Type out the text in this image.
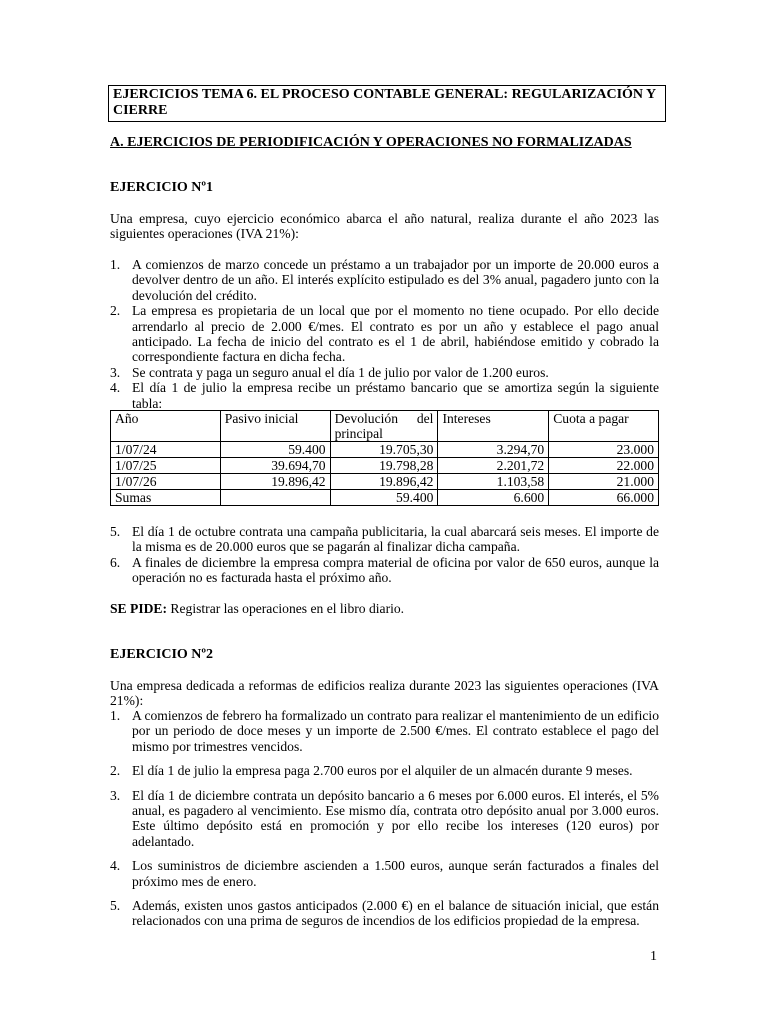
EJERCICIOS TEMA 6. EL PROCESO CONTABLE GENERAL: REGULARIZACIÓN Y CIERRE
A. EJERCICIOS DE PERIODIFICACIÓN Y OPERACIONES NO FORMALIZADAS
EJERCICIO Nº1
Una empresa, cuyo ejercicio económico abarca el año natural, realiza durante el año 2023 las siguientes operaciones (IVA 21%):
1. A comienzos de marzo concede un préstamo a un trabajador por un importe de 20.000 euros a devolver dentro de un año. El interés explícito estipulado es del 3% anual, pagadero junto con la devolución del crédito.
2. La empresa es propietaria de un local que por el momento no tiene ocupado. Por ello decide arrendarlo al precio de 2.000 €/mes. El contrato es por un año y establece el pago anual anticipado. La fecha de inicio del contrato es el 1 de abril, habiéndose emitido y cobrado la correspondiente factura en dicha fecha.
3. Se contrata y paga un seguro anual el día 1 de julio por valor de 1.200 euros.
4. El día 1 de julio la empresa recibe un préstamo bancario que se amortiza según la siguiente tabla:
Año	Pasivo inicial	Devolución del principal	Intereses	Cuota a pagar
1/07/24	59.400	19.705,30	3.294,70	23.000
1/07/25	39.694,70	19.798,28	2.201,72	22.000
1/07/26	19.896,42	19.896,42	1.103,58	21.000
Sumas		59.400	6.600	66.000
5. El día 1 de octubre contrata una campaña publicitaria, la cual abarcará seis meses. El importe de la misma es de 20.000 euros que se pagarán al finalizar dicha campaña.
6. A finales de diciembre la empresa compra material de oficina por valor de 650 euros, aunque la operación no es facturada hasta el próximo año.
SE PIDE: Registrar las operaciones en el libro diario.
EJERCICIO Nº2
Una empresa dedicada a reformas de edificios realiza durante 2023 las siguientes operaciones (IVA 21%):
1. A comienzos de febrero ha formalizado un contrato para realizar el mantenimiento de un edificio por un periodo de doce meses y un importe de 2.500 €/mes. El contrato establece el pago del mismo por trimestres vencidos.
2. El día 1 de julio la empresa paga 2.700 euros por el alquiler de un almacén durante 9 meses.
3. El día 1 de diciembre contrata un depósito bancario a 6 meses por 6.000 euros. El interés, el 5% anual, es pagadero al vencimiento. Ese mismo día, contrata otro depósito anual por 3.000 euros. Este último depósito está en promoción y por ello recibe los intereses (120 euros) por adelantado.
4. Los suministros de diciembre ascienden a 1.500 euros, aunque serán facturados a finales del próximo mes de enero.
5. Además, existen unos gastos anticipados (2.000 €) en el balance de situación inicial, que están relacionados con una prima de seguros de incendios de los edificios propiedad de la empresa.
1
